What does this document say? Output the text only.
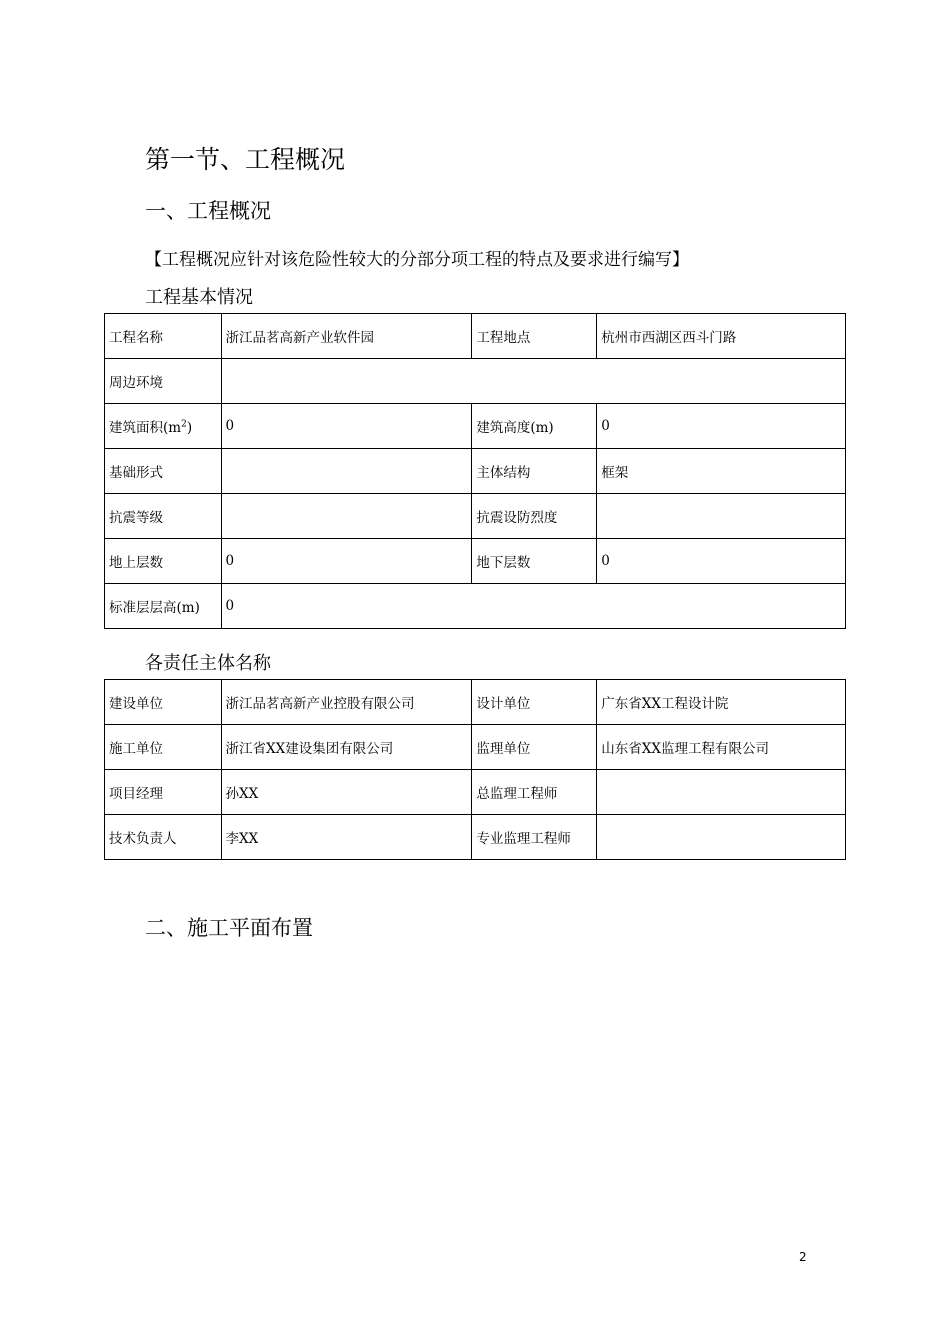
第一节、工程概况
一、工程概况
【工程概况应针对该危险性较大的分部分项工程的特点及要求进行编写】
工程基本情况
工程名称	浙江品茗高新产业软件园	工程地点	杭州市西湖区西斗门路
周边环境			
建筑面积$(m^2)$	0	建筑高度(m)	0
基础形式		主体结构	框架
抗震等级		抗震设防烈度	
地上层数	0	地下层数	0
标准层层高(m)	0		
各责任主体名称
建设单位	浙江品茗高新产业控股有限公司	设计单位	广东省XX工程设计院
施工单位	浙江省XX建设集团有限公司	监理单位	山东省XX监理工程有限公司
项目经理	孙XX	总监理工程师	
技术负责人	李XX	专业监理工程师	
二、施工平面布置
2
